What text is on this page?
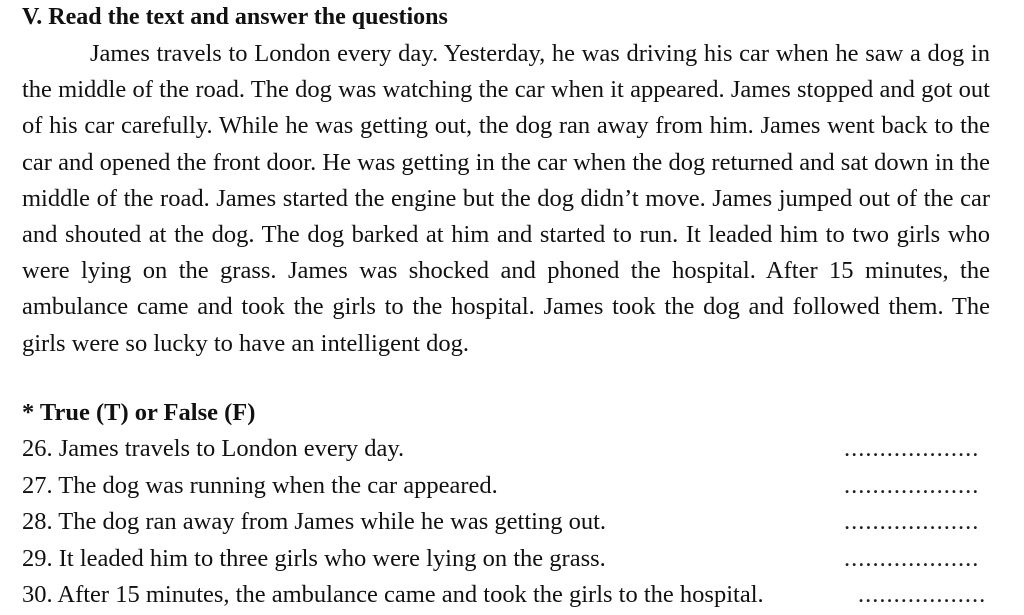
V. Read the text and answer the questions

James travels to London every day. Yesterday, he was driving his car when he saw a dog in the middle of the road. The dog was watching the car when it appeared. James stopped and got out of his car carefully. While he was getting out, the dog ran away from him. James went back to the car and opened the front door. He was getting in the car when the dog returned and sat down in the middle of the road. James started the engine but the dog didn’t move. James jumped out of the car and shouted at the dog. The dog barked at him and started to run. It leaded him to two girls who were lying on the grass. James was shocked and phoned the hospital. After 15 minutes, the ambulance came and took the girls to the hospital. James took the dog and followed them. The girls were so lucky to have an intelligent dog.

* True (T) or False (F)
26. James travels to London every day.	...................
27. The dog was running when the car appeared.	...................
28. The dog ran away from James while he was getting out.	...................
29. It leaded him to three girls who were lying on the grass.	...................
30. After 15 minutes, the ambulance came and took the girls to the hospital.	..................
